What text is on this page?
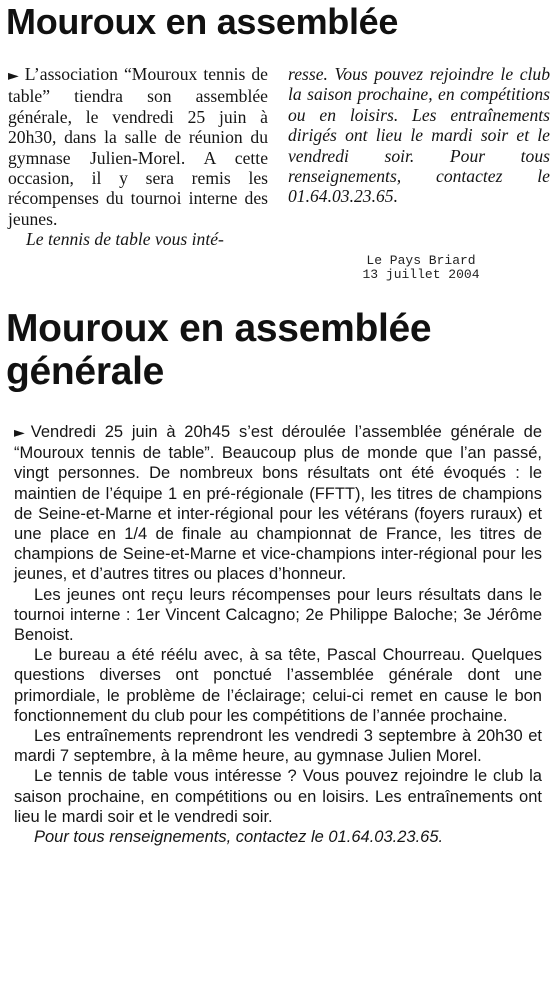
Mouroux en assemblée

► L’association “Mouroux tennis de table” tiendra son assemblée générale, le vendredi 25 juin à 20h30, dans la salle de réunion du gymnase Julien-Morel. A cette occasion, il y sera remis les récompenses du tournoi interne des jeunes.

Le tennis de table vous inté-

resse. Vous pouvez rejoindre le club la saison prochaine, en compétitions ou en loisirs. Les entraînements dirigés ont lieu le mardi soir et le vendredi soir. Pour tous renseignements, contactez le 01.64.03.23.65.

Le Pays Briard
13 juillet 2004
Mouroux en assemblée générale

► Vendredi 25 juin à 20h45 s’est déroulée l’assemblée générale de “Mouroux tennis de table”. Beaucoup plus de monde que l’an passé, vingt personnes. De nombreux bons résultats ont été évoqués : le maintien de l’équipe 1 en pré-régionale (FFTT), les titres de champions de Seine-et-Marne et inter-régional pour les vétérans (foyers ruraux) et une place en 1/4 de finale au championnat de France, les titres de champions de Seine-et-Marne et vice-champions inter-régional pour les jeunes, et d’autres titres ou places d’honneur.

Les jeunes ont reçu leurs récompenses pour leurs résultats dans le tournoi interne : 1er Vincent Calcagno; 2e Philippe Baloche; 3e Jérôme Benoist.

Le bureau a été réélu avec, à sa tête, Pascal Chourreau. Quelques questions diverses ont ponctué l’assemblée générale dont une primordiale, le problème de l’éclairage; celui-ci remet en cause le bon fonctionnement du club pour les compétitions de l’année prochaine.

Les entraînements reprendront les vendredi 3 septembre à 20h30 et mardi 7 septembre, à la même heure, au gymnase Julien Morel.

Le tennis de table vous intéresse ? Vous pouvez rejoindre le club la saison prochaine, en compétitions ou en loisirs. Les entraînements ont lieu le mardi soir et le vendredi soir.

Pour tous renseignements, contactez le 01.64.03.23.65.
